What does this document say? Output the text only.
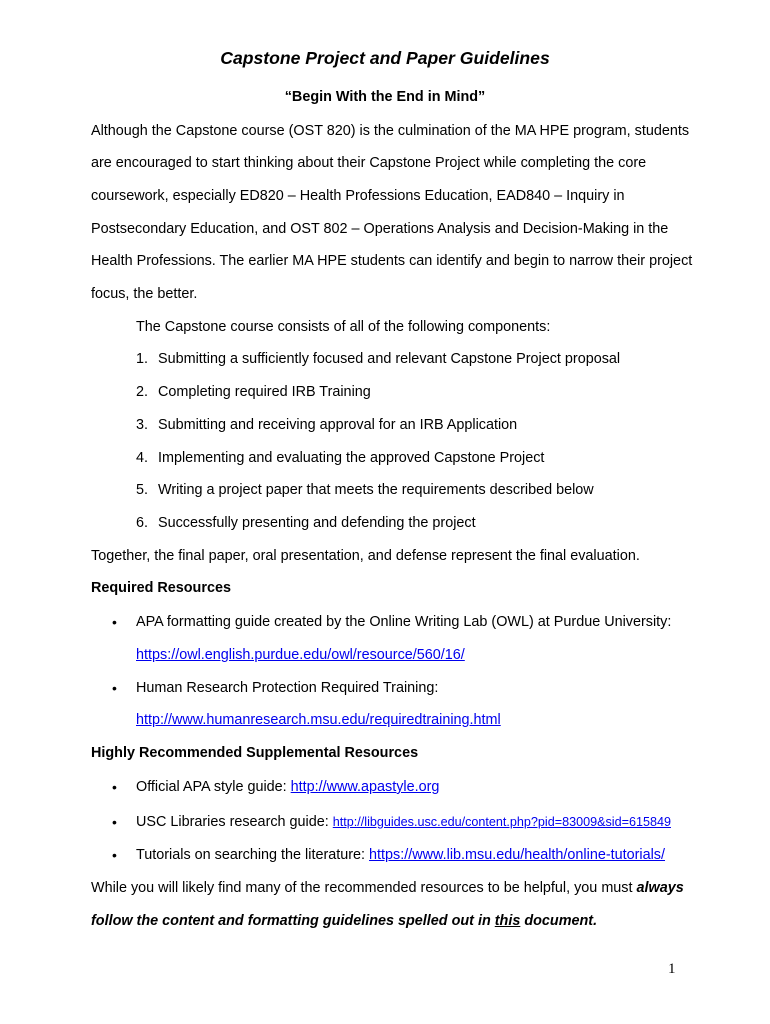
Capstone Project and Paper Guidelines
“Begin With the End in Mind”
Although the Capstone course (OST 820) is the culmination of the MA HPE program, students
are encouraged to start thinking about their Capstone Project while completing the core
coursework, especially ED820 – Health Professions Education, EAD840 – Inquiry in
Postsecondary Education, and OST 802 – Operations Analysis and Decision-Making in the
Health Professions. The earlier MA HPE students can identify and begin to narrow their project
focus, the better.
The Capstone course consists of all of the following components:
1. Submitting a sufficiently focused and relevant Capstone Project proposal
2. Completing required IRB Training
3. Submitting and receiving approval for an IRB Application
4. Implementing and evaluating the approved Capstone Project
5. Writing a project paper that meets the requirements described below
6. Successfully presenting and defending the project
Together, the final paper, oral presentation, and defense represent the final evaluation.
Required Resources
• APA formatting guide created by the Online Writing Lab (OWL) at Purdue University:
https://owl.english.purdue.edu/owl/resource/560/16/
• Human Research Protection Required Training:
http://www.humanresearch.msu.edu/requiredtraining.html
Highly Recommended Supplemental Resources
• Official APA style guide: http://www.apastyle.org
• USC Libraries research guide: http://libguides.usc.edu/content.php?pid=83009&sid=615849
• Tutorials on searching the literature: https://www.lib.msu.edu/health/online-tutorials/
While you will likely find many of the recommended resources to be helpful, you must always
follow the content and formatting guidelines spelled out in this document.
1
